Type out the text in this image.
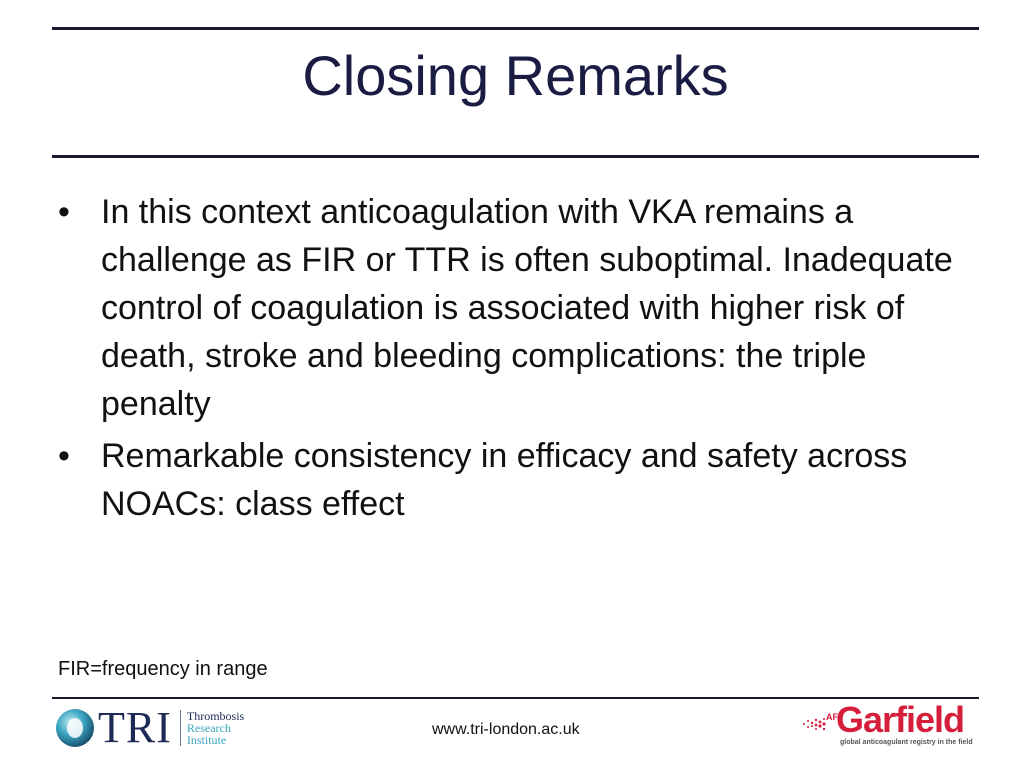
Closing Remarks
• In this context anticoagulation with VKA remains a challenge as FIR or TTR is often suboptimal. Inadequate control of coagulation is associated with higher risk of death, stroke and bleeding complications: the triple penalty
• Remarkable consistency in efficacy and safety across NOACs: class effect
FIR=frequency in range
TRI Thrombosis
Research
Institute
www.tri-london.ac.uk
AF
Garfield
global anticoagulant registry in the field
